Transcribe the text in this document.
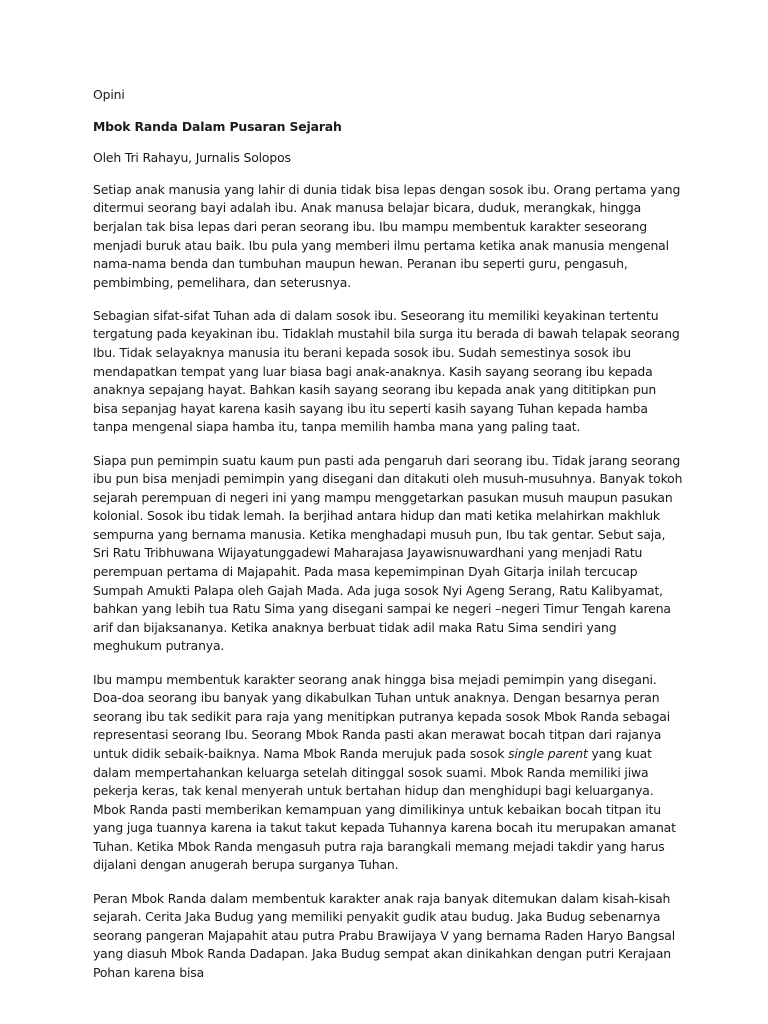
Opini

Mbok Randa Dalam Pusaran Sejarah

Oleh Tri Rahayu, Jurnalis Solopos

Setiap anak manusia yang lahir di dunia tidak bisa lepas dengan sosok ibu. Orang pertama yang ditermui seorang bayi adalah ibu. Anak manusa belajar bicara, duduk, merangkak, hingga berjalan tak bisa lepas dari peran seorang ibu. Ibu mampu membentuk karakter seseorang menjadi buruk atau baik. Ibu pula yang memberi ilmu pertama ketika anak manusia mengenal nama-nama benda dan tumbuhan maupun hewan. Peranan ibu seperti guru, pengasuh, pembimbing, pemelihara, dan seterusnya.

Sebagian sifat-sifat Tuhan ada di dalam sosok ibu. Seseorang itu memiliki keyakinan tertentu tergatung pada keyakinan ibu. Tidaklah mustahil bila surga itu berada di bawah telapak seorang Ibu. Tidak selayaknya manusia itu berani kepada sosok ibu. Sudah semestinya sosok ibu mendapatkan tempat yang luar biasa bagi anak-anaknya. Kasih sayang seorang ibu kepada anaknya sepajang hayat. Bahkan kasih sayang seorang ibu kepada anak yang dititipkan pun bisa sepanjag hayat karena kasih sayang ibu itu seperti kasih sayang Tuhan kepada hamba tanpa mengenal siapa hamba itu, tanpa memilih hamba mana yang paling taat.

Siapa pun pemimpin suatu kaum pun pasti ada pengaruh dari seorang ibu. Tidak jarang seorang ibu pun bisa menjadi pemimpin yang disegani dan ditakuti oleh musuh-musuhnya. Banyak tokoh sejarah perempuan di negeri ini yang mampu menggetarkan pasukan musuh maupun pasukan kolonial. Sosok ibu tidak lemah. Ia berjihad antara hidup dan mati ketika melahirkan makhluk sempurna yang bernama manusia. Ketika menghadapi musuh pun, Ibu tak gentar. Sebut saja, Sri Ratu Tribhuwana Wijayatunggadewi Maharajasa Jayawisnuwardhani yang menjadi Ratu perempuan pertama di Majapahit. Pada masa kepemimpinan Dyah Gitarja inilah tercucap Sumpah Amukti Palapa oleh Gajah Mada. Ada juga sosok Nyi Ageng Serang, Ratu Kalibyamat, bahkan yang lebih tua Ratu Sima yang disegani sampai ke negeri –negeri Timur Tengah karena arif dan bijaksananya. Ketika anaknya berbuat tidak adil maka Ratu Sima sendiri yang meghukum putranya.

Ibu mampu membentuk karakter seorang anak hingga bisa mejadi pemimpin yang disegani. Doa-doa seorang ibu banyak yang dikabulkan Tuhan untuk anaknya. Dengan besarnya peran seorang ibu tak sedikit para raja yang menitipkan putranya kepada sosok Mbok Randa sebagai representasi seorang Ibu. Seorang Mbok Randa pasti akan merawat bocah titpan dari rajanya untuk didik sebaik-baiknya. Nama Mbok Randa merujuk pada sosok single parent yang kuat dalam mempertahankan keluarga setelah ditinggal sosok suami. Mbok Randa memiliki jiwa pekerja keras, tak kenal menyerah untuk bertahan hidup dan menghidupi bagi keluarganya. Mbok Randa pasti memberikan kemampuan yang dimilikinya untuk kebaikan bocah titpan itu yang juga tuannya karena ia takut takut kepada Tuhannya karena bocah itu merupakan amanat Tuhan. Ketika Mbok Randa mengasuh putra raja barangkali memang mejadi takdir yang harus dijalani dengan anugerah berupa surganya Tuhan.

Peran Mbok Randa dalam membentuk karakter anak raja banyak ditemukan dalam kisah-kisah sejarah. Cerita Jaka Budug yang memiliki penyakit gudik atau budug. Jaka Budug sebenarnya seorang pangeran Majapahit atau putra Prabu Brawijaya V yang bernama Raden Haryo Bangsal yang diasuh Mbok Randa Dadapan. Jaka Budug sempat akan dinikahkan dengan putri Kerajaan Pohan karena bisa
